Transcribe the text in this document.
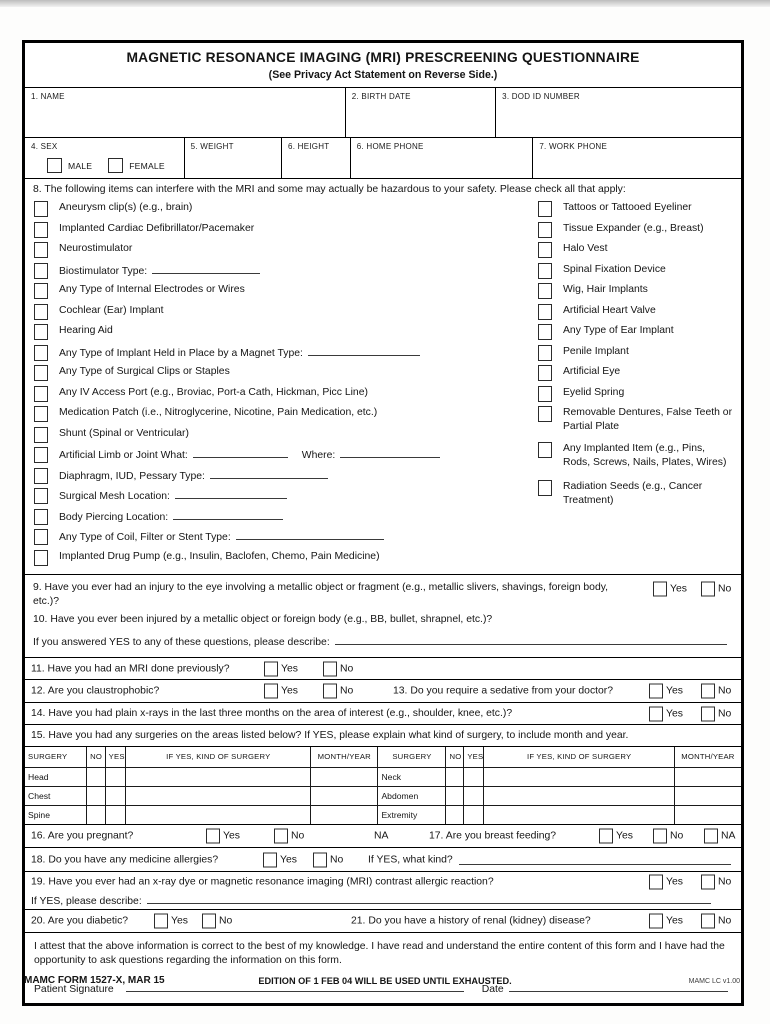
MAGNETIC RESONANCE IMAGING (MRI) PRESCREENING QUESTIONNAIRE
(See Privacy Act Statement on Reverse Side.)
1. NAME	2. BIRTH DATE	3. DOD ID NUMBER
4. SEX
MALE	FEMALE
5. WEIGHT	6. HEIGHT	6. HOME PHONE	7. WORK PHONE
8. The following items can interfere with the MRI and some may actually be hazardous to your safety. Please check all that apply:
Aneurysm clip(s) (e.g., brain)
Implanted Cardiac Defibrillator/Pacemaker
Neurostimulator
Biostimulator Type:
Any Type of Internal Electrodes or Wires
Cochlear (Ear) Implant
Hearing Aid
Any Type of Implant Held in Place by a Magnet Type:
Any Type of Surgical Clips or Staples
Any IV Access Port (e.g., Broviac, Port-a Cath, Hickman, Picc Line)
Medication Patch (i.e., Nitroglycerine, Nicotine, Pain Medication, etc.)
Shunt (Spinal or Ventricular)
Artificial Limb or Joint What:	Where:
Diaphragm, IUD, Pessary Type:
Surgical Mesh Location:
Body Piercing Location:
Any Type of Coil, Filter or Stent Type:
Implanted Drug Pump (e.g., Insulin, Baclofen, Chemo, Pain Medicine)
Tattoos or Tattooed Eyeliner
Tissue Expander (e.g., Breast)
Halo Vest
Spinal Fixation Device
Wig, Hair Implants
Artificial Heart Valve
Any Type of Ear Implant
Penile Implant
Artificial Eye
Eyelid Spring
Removable Dentures, False Teeth or Partial Plate
Any Implanted Item (e.g., Pins, Rods, Screws, Nails, Plates, Wires)
Radiation Seeds (e.g., Cancer Treatment)
9. Have you ever had an injury to the eye involving a metallic object or fragment (e.g., metallic slivers, shavings, foreign body, etc.)?
Yes	No
10. Have you ever been injured by a metallic object or foreign body (e.g., BB, bullet, shrapnel, etc.)?
If you answered YES to any of these questions, please describe:
11. Have you had an MRI done previously?	Yes	No
12. Are you claustrophobic?	Yes	No	13. Do you require a sedative from your doctor?	Yes	No
14. Have you had plain x-rays in the last three months on the area of interest (e.g., shoulder, knee, etc.)?	Yes	No
15. Have you had any surgeries on the areas listed below? If YES, please explain what kind of surgery, to include month and year.
SURGERY	NO	YES	IF YES, KIND OF SURGERY	MONTH/YEAR	SURGERY	NO	YES	IF YES, KIND OF SURGERY	MONTH/YEAR
Head					Neck				
Chest					Abdomen				
Spine					Extremity				
16. Are you pregnant?	Yes	No	NA	17. Are you breast feeding?	Yes	No	NA
18. Do you have any medicine allergies?	Yes	No If YES, what kind?
19. Have you ever had an x-ray dye or magnetic resonance imaging (MRI) contrast allergic reaction?	Yes	No
If YES, please describe:
20. Are you diabetic?	Yes	No	21. Do you have a history of renal (kidney) disease?	Yes	No
I attest that the above information is correct to the best of my knowledge. I have read and understand the entire content of this form and I have had the opportunity to ask questions regarding the information on this form.
Patient Signature	Date
MAMC FORM 1527-X, MAR 15	EDITION OF 1 FEB 04 WILL BE USED UNTIL EXHAUSTED.	MAMC LC v1.00
